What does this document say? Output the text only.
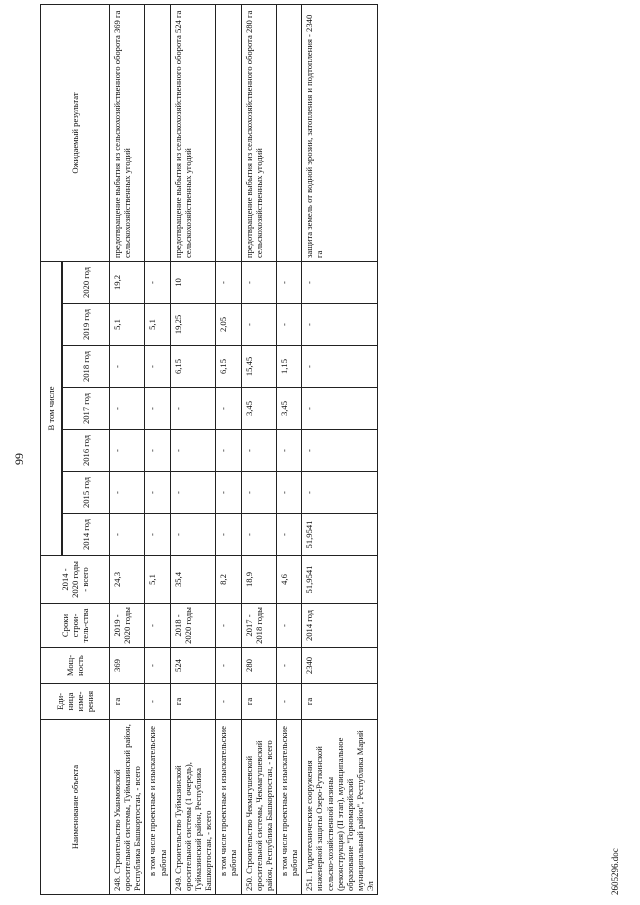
99
Наименование объекта	Еди-ница изме-рения	Мощ-ность	Сроки строи-тель-ства	2014 - 2020 годы - всего	В том числе							Ожидаемый результат

					2014 год	2015 год	2016 год	2017 год	2018 год	2019 год	2020 год	
248. Строительство Уканмовской оросительной системы, Туймазинский район, Республика Башкортостан, - всего	га	369	2019 - 2020 годы	24,3	-	-	-	-	-	5,1	19,2	предотвращение выбытия из сельскохозяйственного оборота 369 га сельскохозяйственных угодий
в том числе проектные и изыскательские работы	-	-	-	5,1	-	-	-	-	-	5,1	-	
249. Строительство Туймазинской оросительной системы (1 очередь), Туймазинский район, Республика Башкортостан, - всего	га	524	2018 - 2020 годы	35,4	-	-	-	-	6,15	19,25	10	предотвращение выбытия из сельскохозяйственного оборота 524 га сельскохозяйственных угодий
в том числе проектные и изыскательские работы	-	-	-	8,2	-	-	-	-	6,15	2,05	-	
250. Строительство Чекмагушевской оросительной системы, Чекмагушевский район, Республика Башкортостан, - всего	га	280	2017 - 2018 годы	18,9	-	-	-	3,45	15,45	-	-	предотвращение выбытия из сельскохозяйственного оборота 280 га сельскохозяйственных угодий
в том числе проектные и изыскательские работы	-	-	-	4,6	-	-	-	3,45	1,15	-	-	
251. Гидротехнические сооружения инженерной защиты Озеро-Руткинской сельско-хозяйственной низины (реконструкция) (II этап), муниципальное образование "Горномарийский муниципальный район", Республика Марий Эл	га	2340	2014 год	51,9541	51,9541	-	-	-	-	-	-	защита земель от водной эрозии, затопления и подтопления - 2340 га
2605296.doc
